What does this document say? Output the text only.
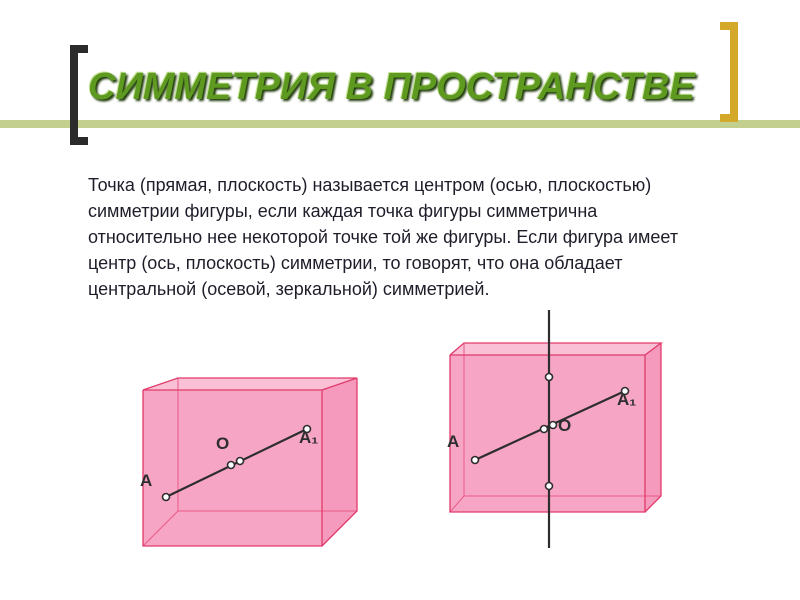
СИММЕТРИЯ В ПРОСТРАНСТВЕ
Точка (прямая, плоскость) называется центром (осью, плоскостью) симметрии фигуры, если каждая точка фигуры симметрична относительно нее некоторой точке той же фигуры. Если фигура имеет центр (ось, плоскость) симметрии, то говорят, что она обладает центральной (осевой, зеркальной) симметрией.
A
O	A₁	A
O
A₁
